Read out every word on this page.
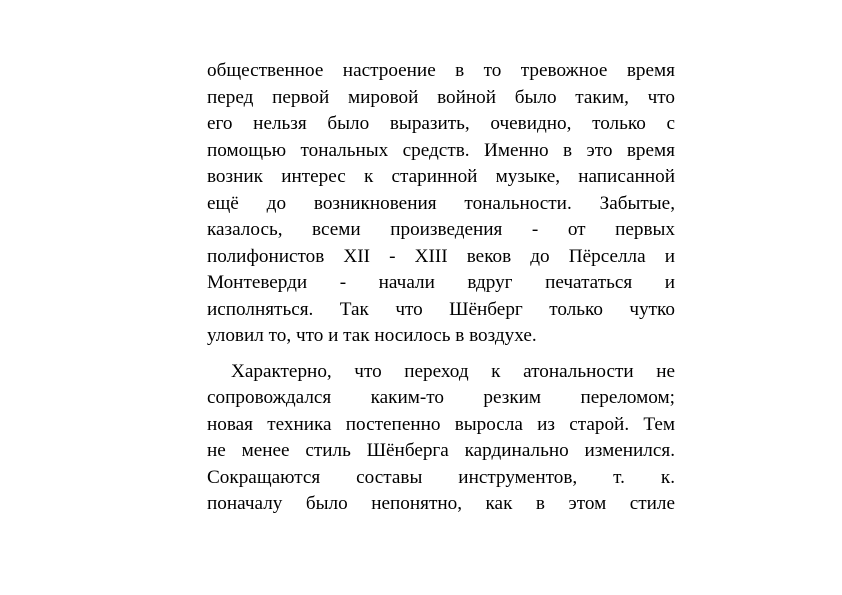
общественное настроение в то тревожное время
перед первой мировой войной было таким, что
его нельзя было выразить, очевидно, только с
помощью тональных средств. Именно в это время
возник интерес к старинной музыке, написанной
ещё до возникновения тональности. Забытые,
казалось, всеми произведения - от первых
полифонистов XII - XIII веков до Пёрселла и
Монтеверди - начали вдруг печататься и
исполняться. Так что Шёнберг только чутко
уловил то, что и так носилось в воздухе.
Характерно, что переход к атональности не
сопровождался каким-то резким переломом;
новая техника постепенно выросла из старой. Тем
не менее стиль Шёнберга кардинально изменился.
Сокращаются составы инструментов, т. к.
поначалу было непонятно, как в этом стиле
